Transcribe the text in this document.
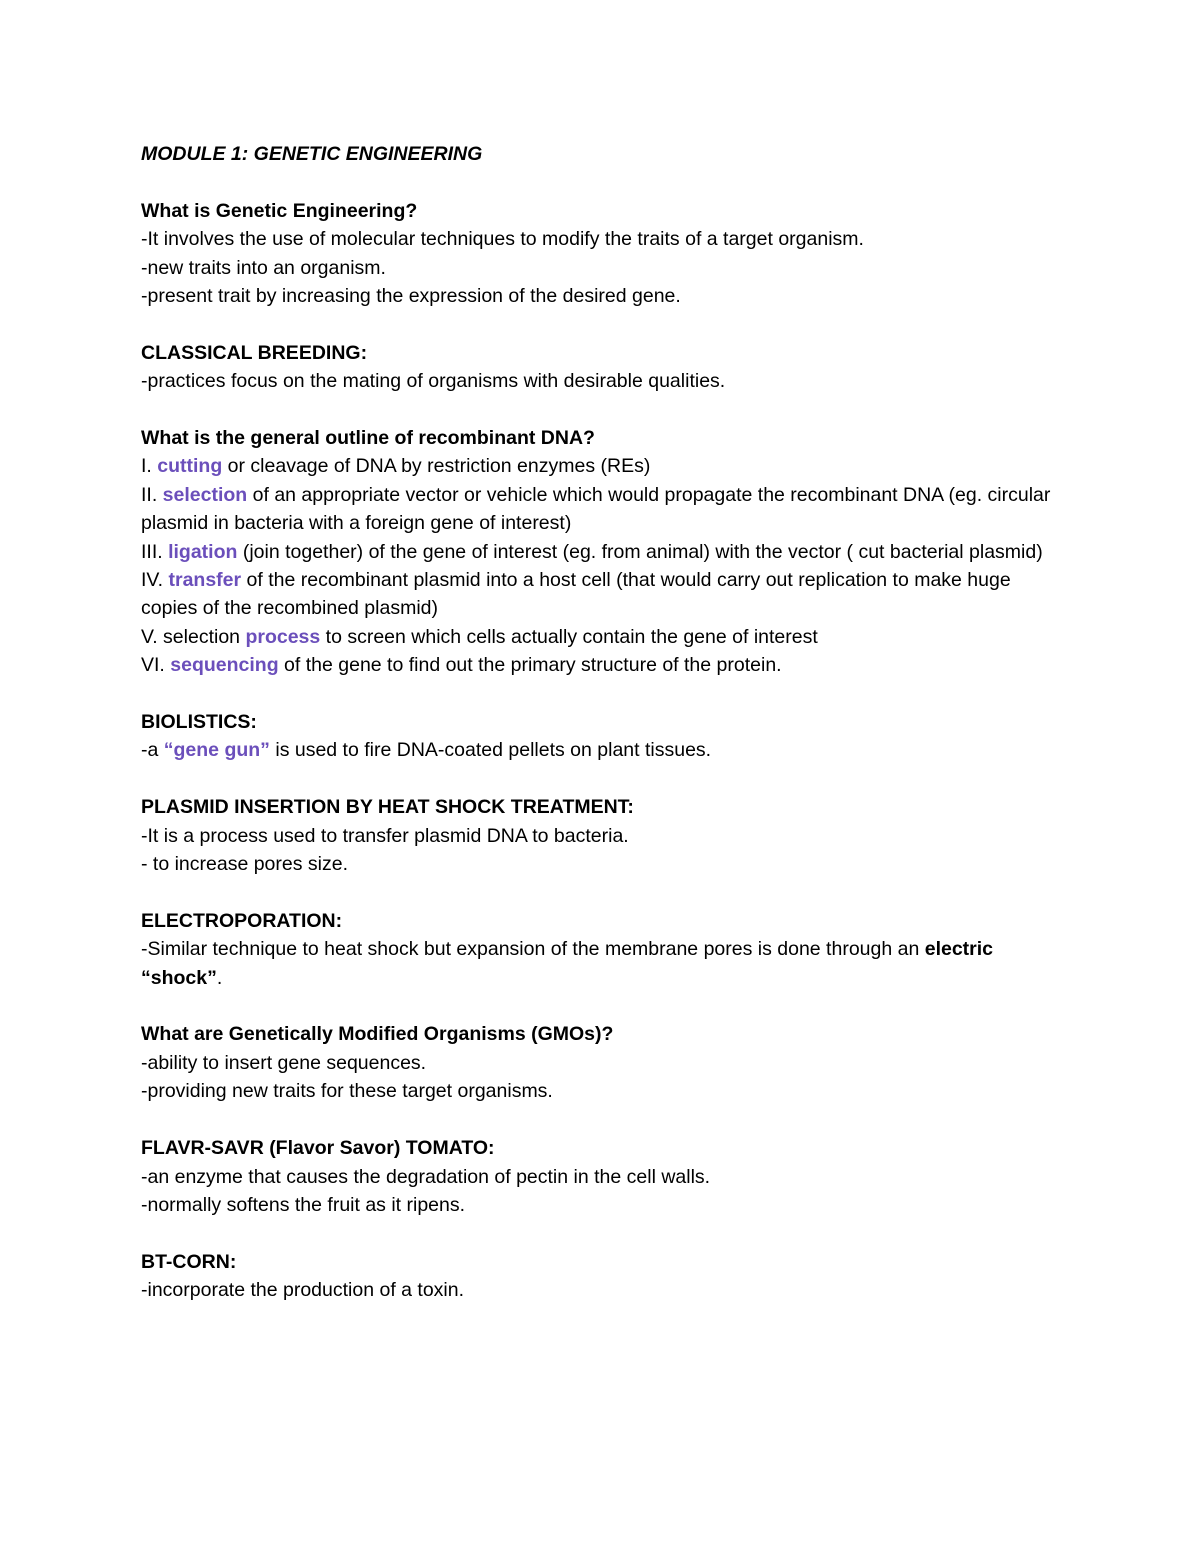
MODULE 1: GENETIC ENGINEERING

What is Genetic Engineering?

-It involves the use of molecular techniques to modify the traits of a target organism.

-new traits into an organism.

-present trait by increasing the expression of the desired gene.

CLASSICAL BREEDING:

-practices focus on the mating of organisms with desirable qualities.

What is the general outline of recombinant DNA?

I. cutting or cleavage of DNA by restriction enzymes (REs)

II. selection of an appropriate vector or vehicle which would propagate the recombinant DNA (eg. circular plasmid in bacteria with a foreign gene of interest)

III. ligation (join together) of the gene of interest (eg. from animal) with the vector ( cut bacterial plasmid)

IV. transfer of the recombinant plasmid into a host cell (that would carry out replication to make huge copies of the recombined plasmid)

V. selection process to screen which cells actually contain the gene of interest

VI. sequencing of the gene to find out the primary structure of the protein.

BIOLISTICS:

-a “gene gun” is used to fire DNA-coated pellets on plant tissues.

PLASMID INSERTION BY HEAT SHOCK TREATMENT:

-It is a process used to transfer plasmid DNA to bacteria.

- to increase pores size.

ELECTROPORATION:

-Similar technique to heat shock but expansion of the membrane pores is done through an electric “shock”.

What are Genetically Modified Organisms (GMOs)?

-ability to insert gene sequences.

-providing new traits for these target organisms.

FLAVR-SAVR (Flavor Savor) TOMATO:

-an enzyme that causes the degradation of pectin in the cell walls.

-normally softens the fruit as it ripens.

BT-CORN:

-incorporate the production of a toxin.
